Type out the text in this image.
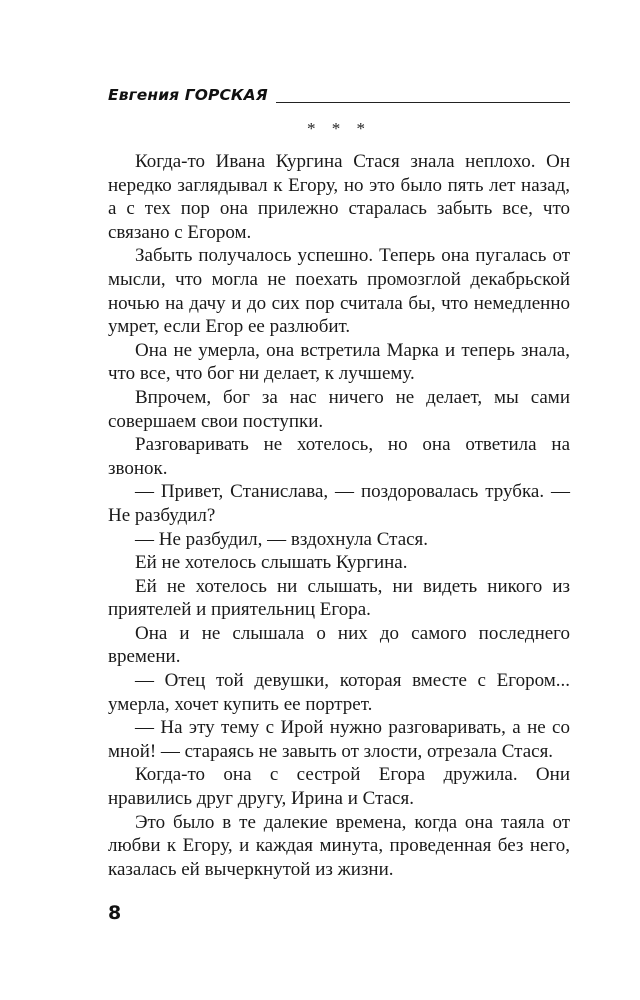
Евгения ГОРСКАЯ
* * *

Когда-то Ивана Кургина Стася знала неплохо. Он нередко заглядывал к Егору, но это было пять лет назад, а с тех пор она прилежно старалась забыть все, что связано с Егором.

Забыть получалось успешно. Теперь она пугалась от мысли, что могла не поехать промозглой декабрьской ночью на дачу и до сих пор считала бы, что немедленно умрет, если Егор ее разлюбит.

Она не умерла, она встретила Марка и теперь знала, что все, что бог ни делает, к лучшему.

Впрочем, бог за нас ничего не делает, мы сами совершаем свои поступки.

Разговаривать не хотелось, но она ответила на звонок.

— Привет, Станислава, — поздоровалась трубка. — Не разбудил?

— Не разбудил, — вздохнула Стася.

Ей не хотелось слышать Кургина.

Ей не хотелось ни слышать, ни видеть никого из приятелей и приятельниц Егора.

Она и не слышала о них до самого последнего времени.

— Отец той девушки, которая вместе с Егором... умерла, хочет купить ее портрет.

— На эту тему с Ирой нужно разговаривать, а не со мной! — стараясь не завыть от злости, отрезала Стася.

Когда-то она с сестрой Егора дружила. Они нравились друг другу, Ирина и Стася.

Это было в те далекие времена, когда она таяла от любви к Егору, и каждая минута, проведенная без него, казалась ей вычеркнутой из жизни.

8
